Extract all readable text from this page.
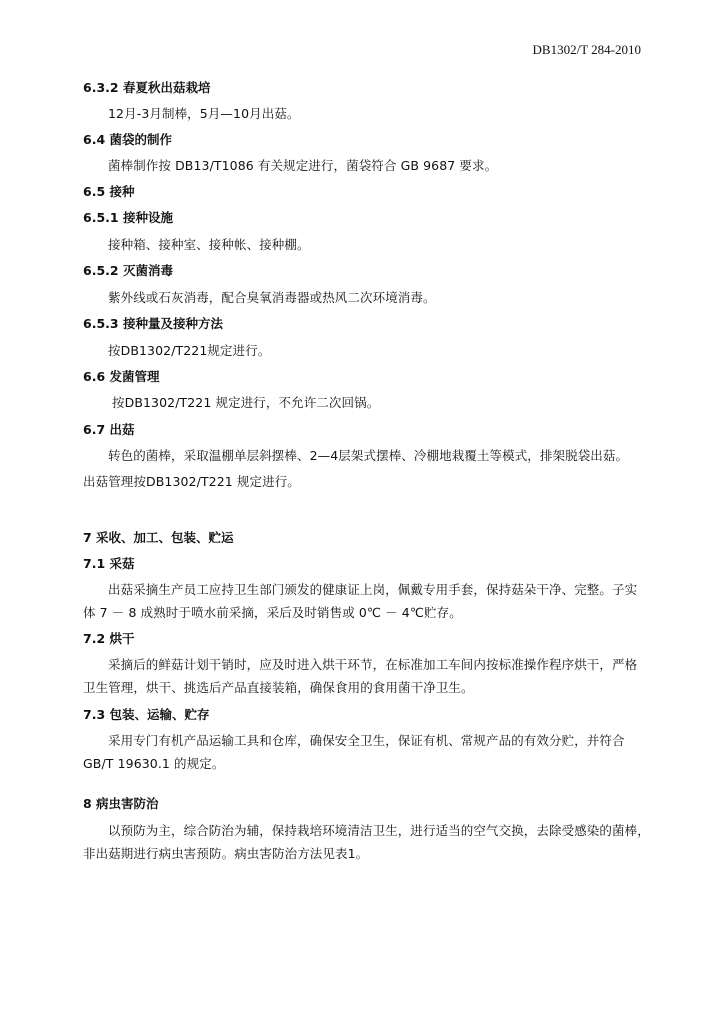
DB1302/T 284-2010
6.3.2 春夏秋出菇栽培
12月-3月制棒，5月—10月出菇。
6.4 菌袋的制作
菌棒制作按 DB13/T1086 有关规定进行，菌袋符合 GB 9687 要求。
6.5 接种
6.5.1 接种设施
接种箱、接种室、接种帐、接种棚。
6.5.2 灭菌消毒
紫外线或石灰消毒，配合臭氧消毒器或热风二次环境消毒。
6.5.3 接种量及接种方法
按DB1302/T221规定进行。
6.6 发菌管理
按DB1302/T221 规定进行，不允许二次回锅。
6.7 出菇
转色的菌棒，采取温棚单层斜摆棒、2—4层架式摆棒、冷棚地栽覆土等模式，排架脱袋出菇。
出菇管理按DB1302/T221 规定进行。
7 采收、加工、包装、贮运
7.1 采菇
出菇采摘生产员工应持卫生部门颁发的健康证上岗，佩戴专用手套，保持菇朵干净、完整。子实
体 7 － 8 成熟时于喷水前采摘，采后及时销售或 0℃ － 4℃贮存。
7.2 烘干
采摘后的鲜菇计划干销时，应及时进入烘干环节，在标准加工车间内按标准操作程序烘干，严格
卫生管理，烘干、挑选后产品直接装箱，确保食用的食用菌干净卫生。
7.3 包装、运输、贮存
采用专门有机产品运输工具和仓库，确保安全卫生，保证有机、常规产品的有效分贮，并符合
GB/T 19630.1 的规定。
8 病虫害防治
以预防为主，综合防治为辅，保持栽培环境清洁卫生，进行适当的空气交换，去除受感染的菌棒，
非出菇期进行病虫害预防。病虫害防治方法见表1。
